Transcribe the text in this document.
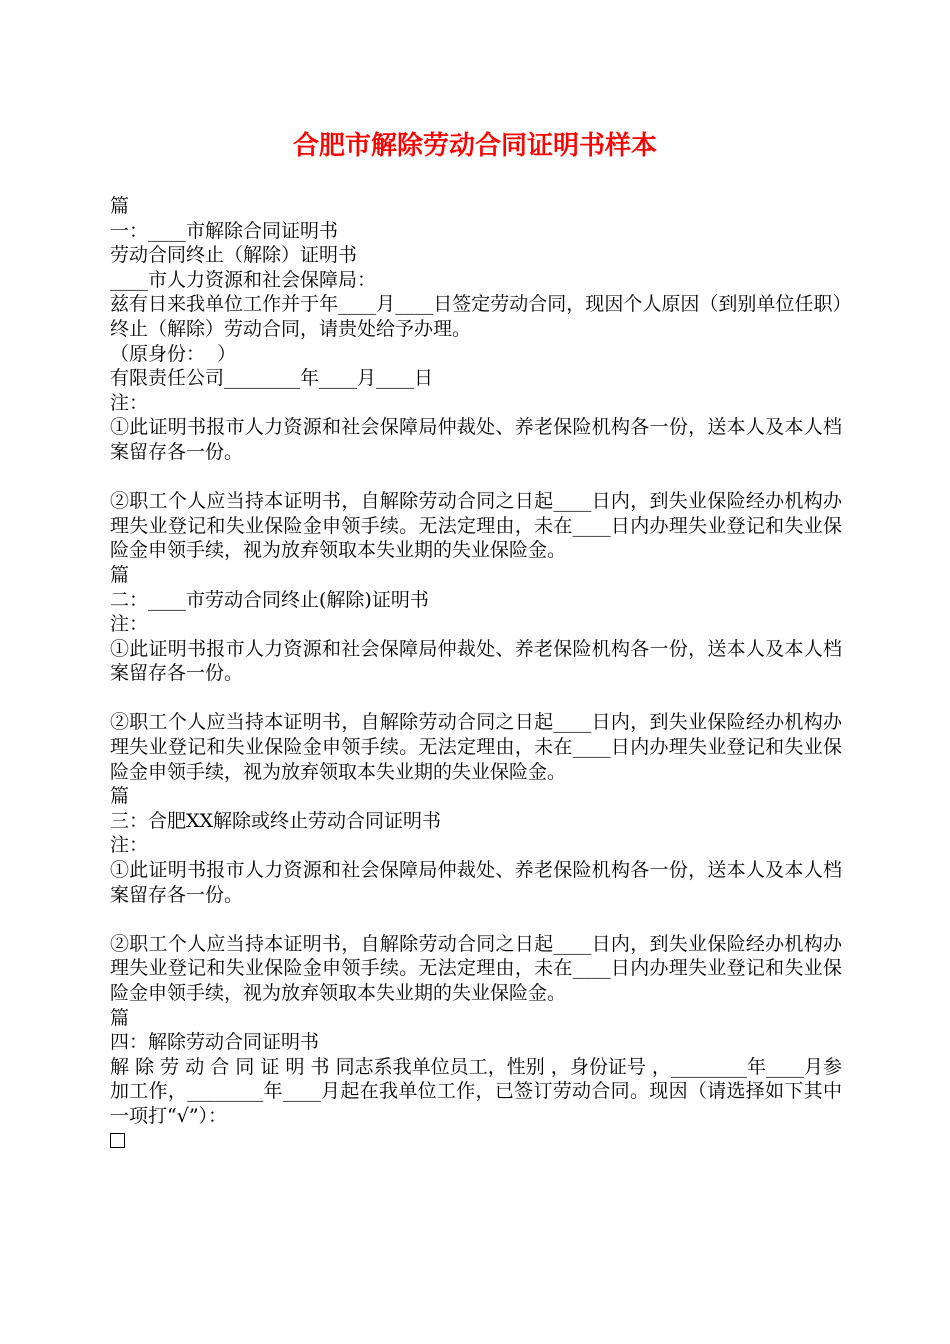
合肥市解除劳动合同证明书样本
篇
一：____市解除合同证明书
劳动合同终止（解除）证明书
____市人力资源和社会保障局：
兹有日来我单位工作并于年____月____日签定劳动合同，现因个人原因（到别单位任职）终止（解除）劳动合同，请贵处给予办理。
（原身份：  ）
有限责任公司________年____月____日
注：
①此证明书报市人力资源和社会保障局仲裁处、养老保险机构各一份，送本人及本人档案留存各一份。
②职工个人应当持本证明书，自解除劳动合同之日起____日内，到失业保险经办机构办理失业登记和失业保险金申领手续。无法定理由，未在____日内办理失业登记和失业保险金申领手续，视为放弃领取本失业期的失业保险金。
篇
二：____市劳动合同终止(解除)证明书
注：
①此证明书报市人力资源和社会保障局仲裁处、养老保险机构各一份，送本人及本人档案留存各一份。
②职工个人应当持本证明书，自解除劳动合同之日起____日内，到失业保险经办机构办理失业登记和失业保险金申领手续。无法定理由，未在____日内办理失业登记和失业保险金申领手续，视为放弃领取本失业期的失业保险金。
篇
三：合肥XX解除或终止劳动合同证明书
注：
①此证明书报市人力资源和社会保障局仲裁处、养老保险机构各一份，送本人及本人档案留存各一份。
②职工个人应当持本证明书，自解除劳动合同之日起____日内，到失业保险经办机构办理失业登记和失业保险金申领手续。无法定理由，未在____日内办理失业登记和失业保险金申领手续，视为放弃领取本失业期的失业保险金。
篇
四：解除劳动合同证明书
解 除 劳 动 合 同 证 明 书 同志系我单位员工，性别 ，身份证号 ，________年____月参加工作，________年____月起在我单位工作，已签订劳动合同。现因（请选择如下其中一项打“√”）：
